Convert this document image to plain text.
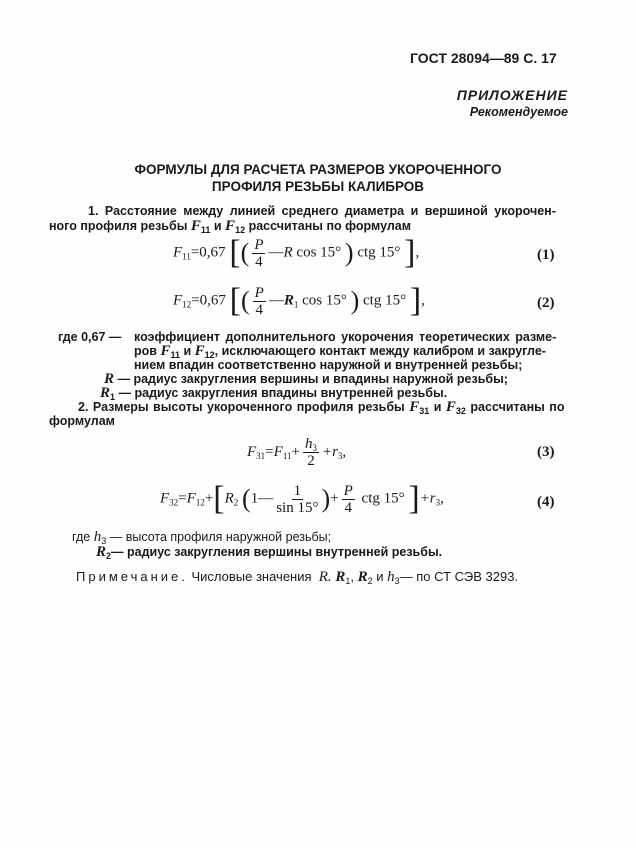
ГОСТ 28094—89 С. 17
ПРИЛОЖЕНИЕ
Рекомендуемое
ФОРМУЛЫ ДЛЯ РАСЧЕТА РАЗМЕРОВ УКОРОЧЕННОГО
ПРОФИЛЯ РЕЗЬБЫ КАЛИБРОВ
1. Расстояние между линией среднего диаметра и вершиной укорочен-
ного профиля резьбы $F_{11}$ и $F_{12}$ рассчитаны по формулам
$F_{11}=0,67$ [( $\frac{P}{4}$ —R cos 15° ) ctg 15° ],	(1)
$F_{12}=0,67$ [( $\frac{P}{4}$ $—R_1$ cos 15° ) ctg 15° ],	(2)
где 0,67 — коэффициент дополнительного укорочения теоретических разме-
ров $F_{11}$ и $F_{12}$, исключающего контакт между калибром и закругле-
нием впадин соответственно наружной и внутренней резьбы;
R — радиус закругления вершины и впадины наружной резьбы;
$R_1$ — радиус закругления впадины внутренней резьбы.
2. Размеры высоты укороченного профиля резьбы $F_{31}$ и $F_{32}$ рассчитаны по
формулам
$F_{31}=F_{11}+ \frac{h_3}{2} +r_3$,	(3)
$F_{32}=F_{12}+[R_2$ (1— $\frac{1}{\sin 15^\circ}$ )+ $\frac{P}{4}$ ctg 15° ]$+r_3$,	(4)
где $h_3$ — высота профиля наружной резьбы;
$R_2—$ радиус закругления вершины внутренней резьбы.
Примечание. Числовые значения R. $R_1$, $R_2$ и $h_3—$ по СТ СЭВ 3293.
